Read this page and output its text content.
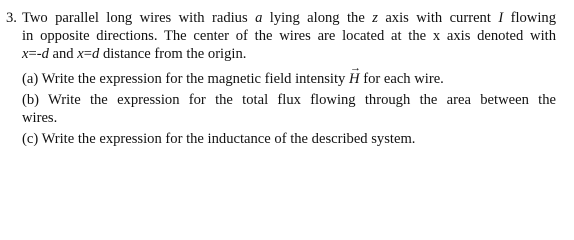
3. Two parallel long wires with radius a lying along the z axis with current I flowing
in opposite directions. The center of the wires are located at the x axis denoted with
x=-d and x=d distance from the origin.
(a) Write the expression for the magnetic field intensity
→
H for each wire.
(b) Write the expression for the total flux flowing through the area between the
wires.
(c) Write the expression for the inductance of the described system.
